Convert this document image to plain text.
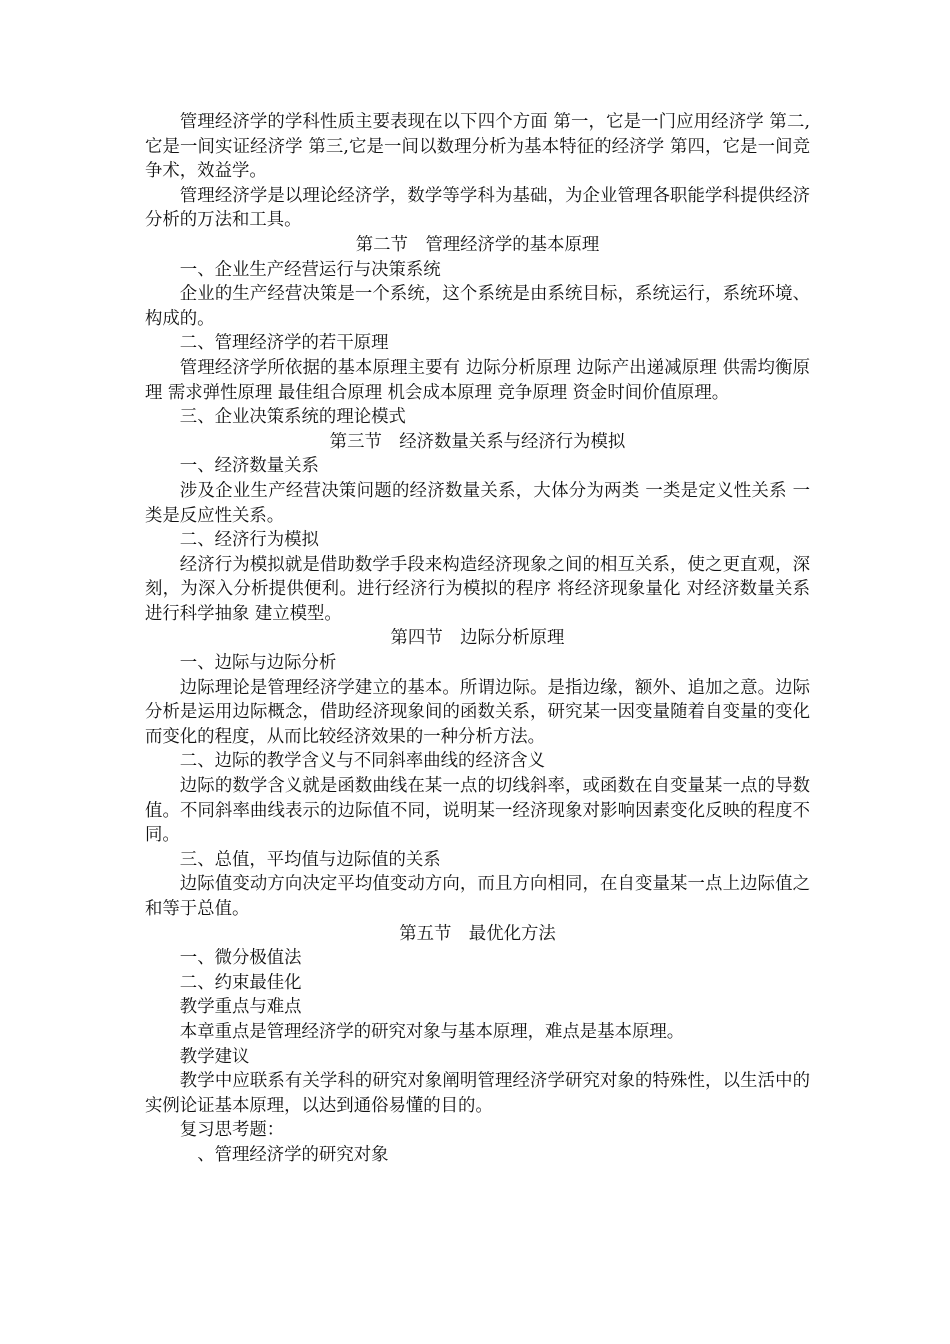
管理经济学的学科性质主要表现在以下四个方面 第一，它是一门应用经济学 第二,它是一间实证经济学 第三,它是一间以数理分析为基本特征的经济学 第四，它是一间竞争术，效益学。

管理经济学是以理论经济学，数学等学科为基础，为企业管理各职能学科提供经济分析的万法和工具。

第二节　管理经济学的基本原理

一、企业生产经营运行与决策系统

企业的生产经营决策是一个系统，这个系统是由系统目标，系统运行，系统环境、构成的。

二、管理经济学的若干原理

管理经济学所依据的基本原理主要有 边际分析原理 边际产出递减原理 供需均衡原理 需求弹性原理 最佳组合原理 机会成本原理 竞争原理 资金时间价值原理。

三、企业决策系统的理论模式

第三节　经济数量关系与经济行为模拟

一、经济数量关系

涉及企业生产经营决策问题的经济数量关系，大体分为两类 一类是定义性关系 一类是反应性关系。

二、经济行为模拟

经济行为模拟就是借助数学手段来构造经济现象之间的相互关系，使之更直观，深刻，为深入分析提供便利。进行经济行为模拟的程序 将经济现象量化 对经济数量关系进行科学抽象 建立模型。

第四节　边际分析原理

一、边际与边际分析

边际理论是管理经济学建立的基本。所谓边际。是指边缘，额外、追加之意。边际分析是运用边际概念，借助经济现象间的函数关系，研究某一因变量随着自变量的变化而变化的程度，从而比较经济效果的一种分析方法。

二、边际的教学含义与不同斜率曲线的经济含义

边际的数学含义就是函数曲线在某一点的切线斜率，或函数在自变量某一点的导数值。不同斜率曲线表示的边际值不同，说明某一经济现象对影响因素变化反映的程度不同。

三、总值，平均值与边际值的关系

边际值变动方向决定平均值变动方向，而且方向相同，在自变量某一点上边际值之和等于总值。

第五节　最优化方法

一、微分极值法

二、约束最佳化

教学重点与难点

本章重点是管理经济学的研究对象与基本原理，难点是基本原理。

教学建议

教学中应联系有关学科的研究对象阐明管理经济学研究对象的特殊性，以生活中的实例论证基本原理，以达到通俗易懂的目的。

复习思考题：

、管理经济学的研究对象
